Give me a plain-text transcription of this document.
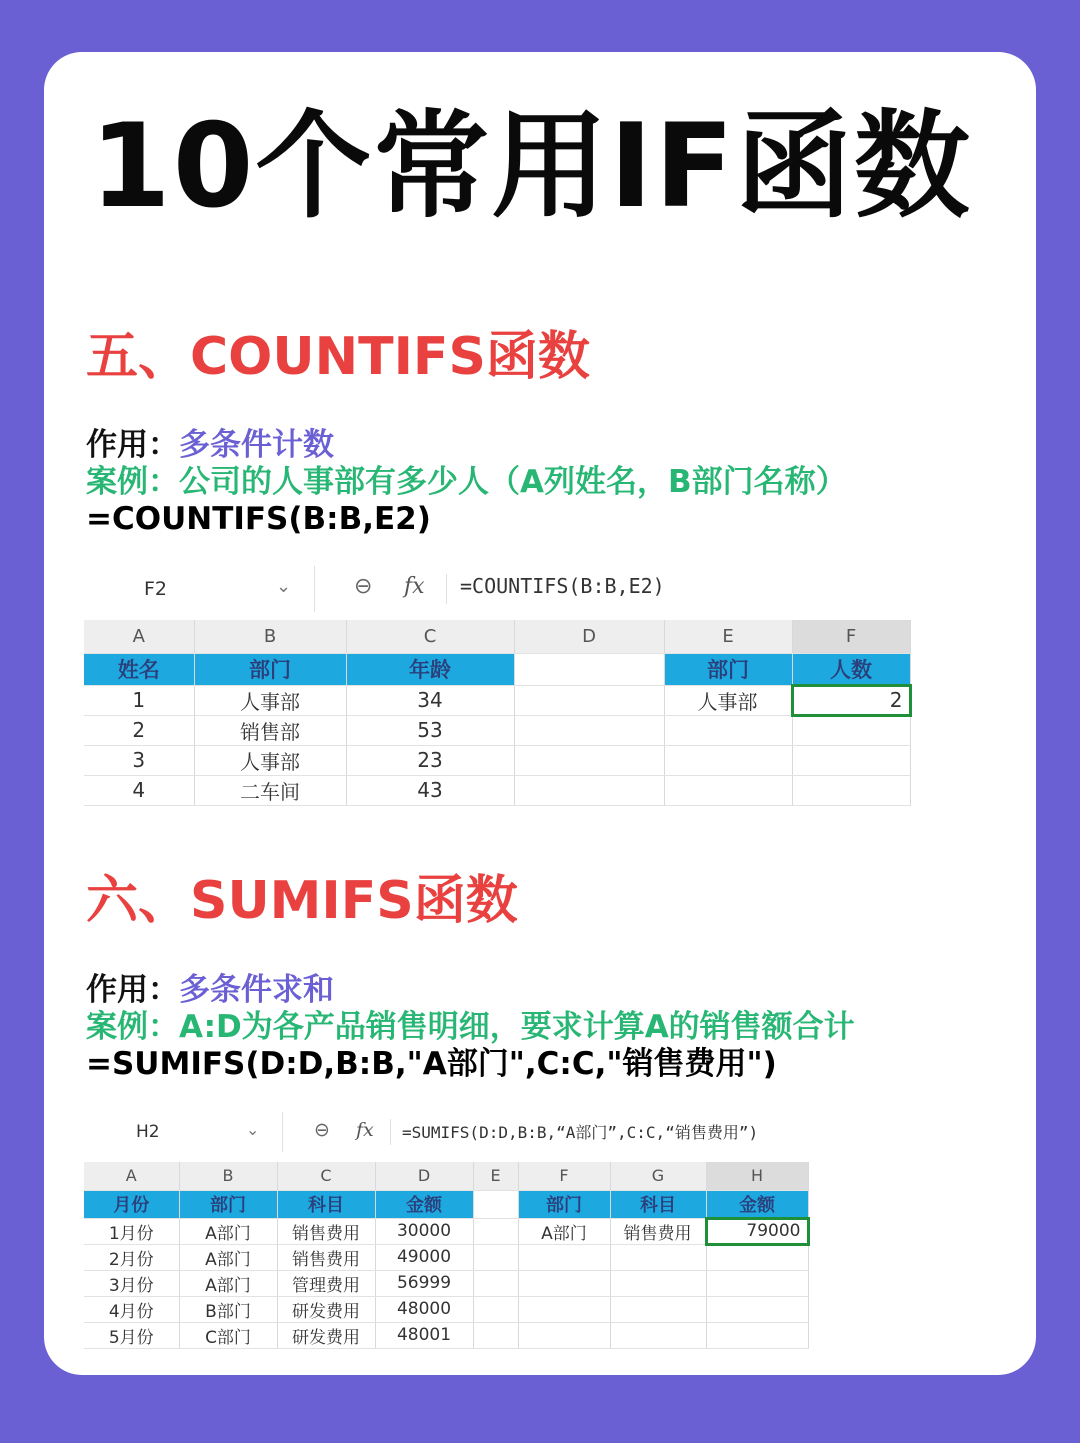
10个常用IF函数
五、COUNTIFS函数
作用：多条件计数
案例：公司的人事部有多少人（A列姓名，B部门名称）
=COUNTIFS(B:B,E2)
F2	⌄	⊖ fx =COUNTIFS(B:B,E2)
A	B	C	D	E	F
姓名	部门	年龄		部门	人数
1	人事部	34		人事部	2
2	销售部	53			
3	人事部	23			
4	二车间	43			
六、SUMIFS函数
作用：多条件求和
案例：A:D为各产品销售明细，要求计算A的销售额合计
=SUMIFS(D:D,B:B,"A部门",C:C,"销售费用")
H2	⌄	⊖ fx =SUMIFS(D:D,B:B,“A部门”,C:C,“销售费用”)
A	B	C	D	E	F	G	H
月份	部门	科目	金额		部门	科目	金额
1月份	A部门	销售费用	30000		A部门	销售费用	79000
2月份	A部门	销售费用	49000				
3月份	A部门	管理费用	56999				
4月份	B部门	研发费用	48000				
5月份	C部门	研发费用	48001				
